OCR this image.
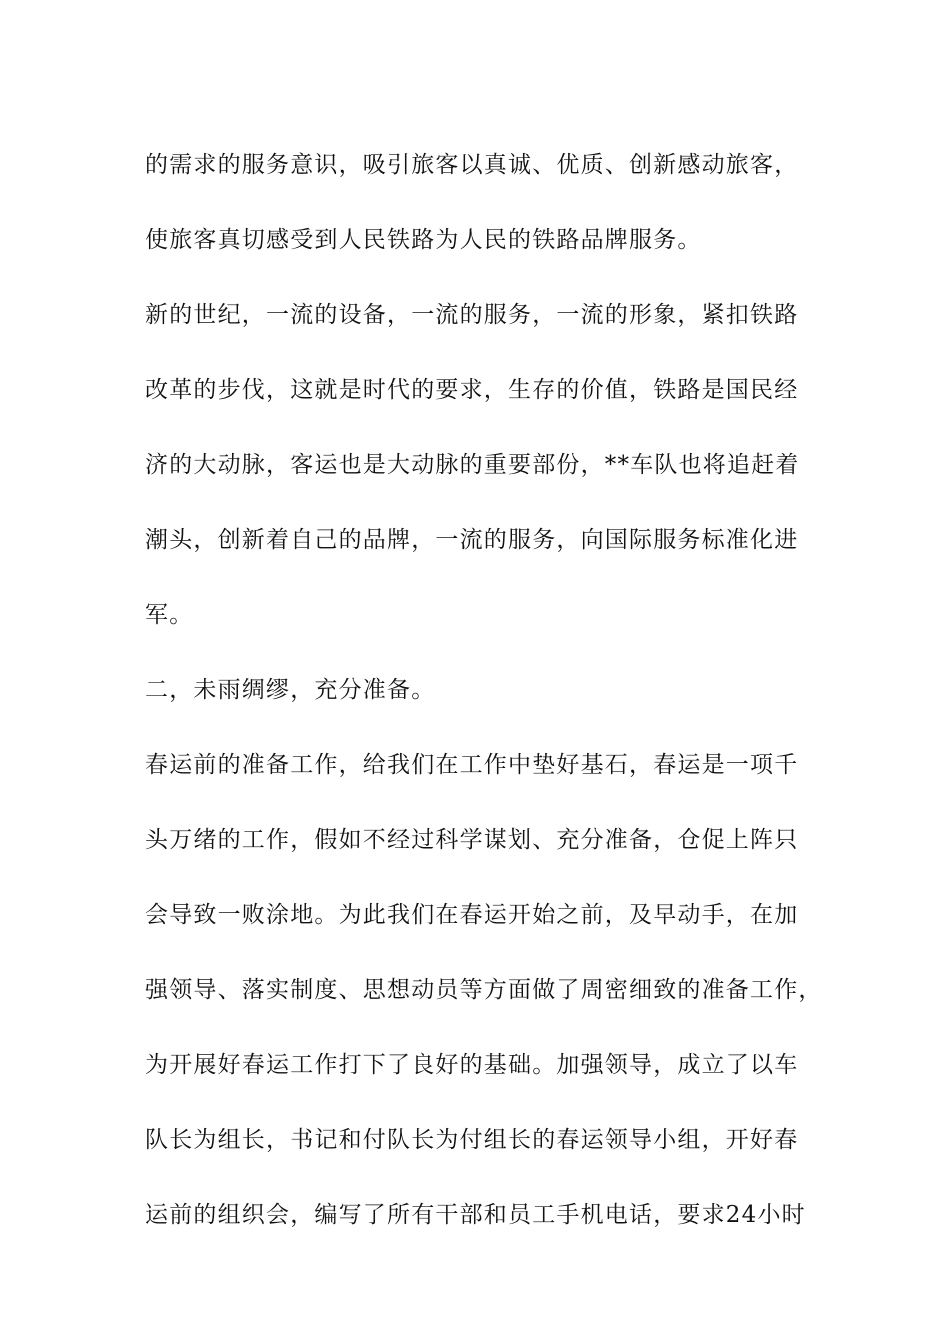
的需求的服务意识，吸引旅客以真诚、优质、创新感动旅客，
使旅客真切感受到人民铁路为人民的铁路品牌服务。
新的世纪，一流的设备，一流的服务，一流的形象，紧扣铁路
改革的步伐，这就是时代的要求，生存的价值，铁路是国民经
济的大动脉，客运也是大动脉的重要部份，**车队也将追赶着
潮头，创新着自己的品牌，一流的服务，向国际服务标准化进
军。
二，未雨绸缪，充分准备。
春运前的准备工作，给我们在工作中垫好基石，春运是一项千
头万绪的工作，假如不经过科学谋划、充分准备，仓促上阵只
会导致一败涂地。为此我们在春运开始之前，及早动手，在加
强领导、落实制度、思想动员等方面做了周密细致的准备工作，
为开展好春运工作打下了良好的基础。加强领导，成立了以车
队长为组长，书记和付队长为付组长的春运领导小组，开好春
运前的组织会，编写了所有干部和员工手机电话，要求24小时
